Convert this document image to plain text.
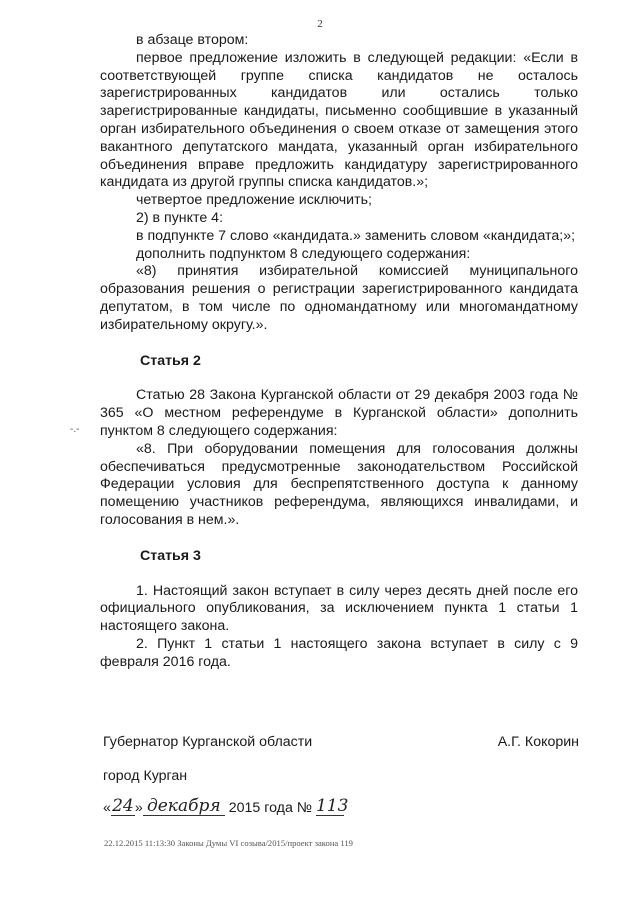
2
-.-

в абзаце втором:

первое предложение изложить в следующей редакции: «Если в соответствующей группе списка кандидатов не осталось зарегистрированных кандидатов или остались только зарегистрированные кандидаты, письменно сообщившие в указанный орган избирательного объединения о своем отказе от замещения этого вакантного депутатского мандата, указанный орган избирательного объединения вправе предложить кандидатуру зарегистрированного кандидата из другой группы списка кандидатов.»;

четвертое предложение исключить;

2) в пункте 4:

в подпункте 7 слово «кандидата.» заменить словом «кандидата;»;

дополнить подпунктом 8 следующего содержания:

«8) принятия избирательной комиссией муниципального образования решения о регистрации зарегистрированного кандидата депутатом, в том числе по одномандатному или многомандатному избирательному округу.».

Статья 2

Статью 28 Закона Курганской области от 29 декабря 2003 года № 365 «О местном референдуме в Курганской области» дополнить пунктом 8 следующего содержания:

«8. При оборудовании помещения для голосования должны обеспечиваться предусмотренные законодательством Российской Федерации условия для беспрепятственного доступа к данному помещению участников референдума, являющихся инвалидами, и голосования в нем.».

Статья 3

1. Настоящий закон вступает в силу через десять дней после его официального опубликования, за исключением пункта 1 статьи 1 настоящего закона.

2. Пункт 1 статьи 1 настоящего закона вступает в силу с 9 февраля 2016 года.

Губернатор Курганской области	А.Г. Кокорин
город Курган
« 24 » декабря 2015 года № 113
22.12.2015 11:13:30 Законы Думы VI созыва/2015/проект закона 119
